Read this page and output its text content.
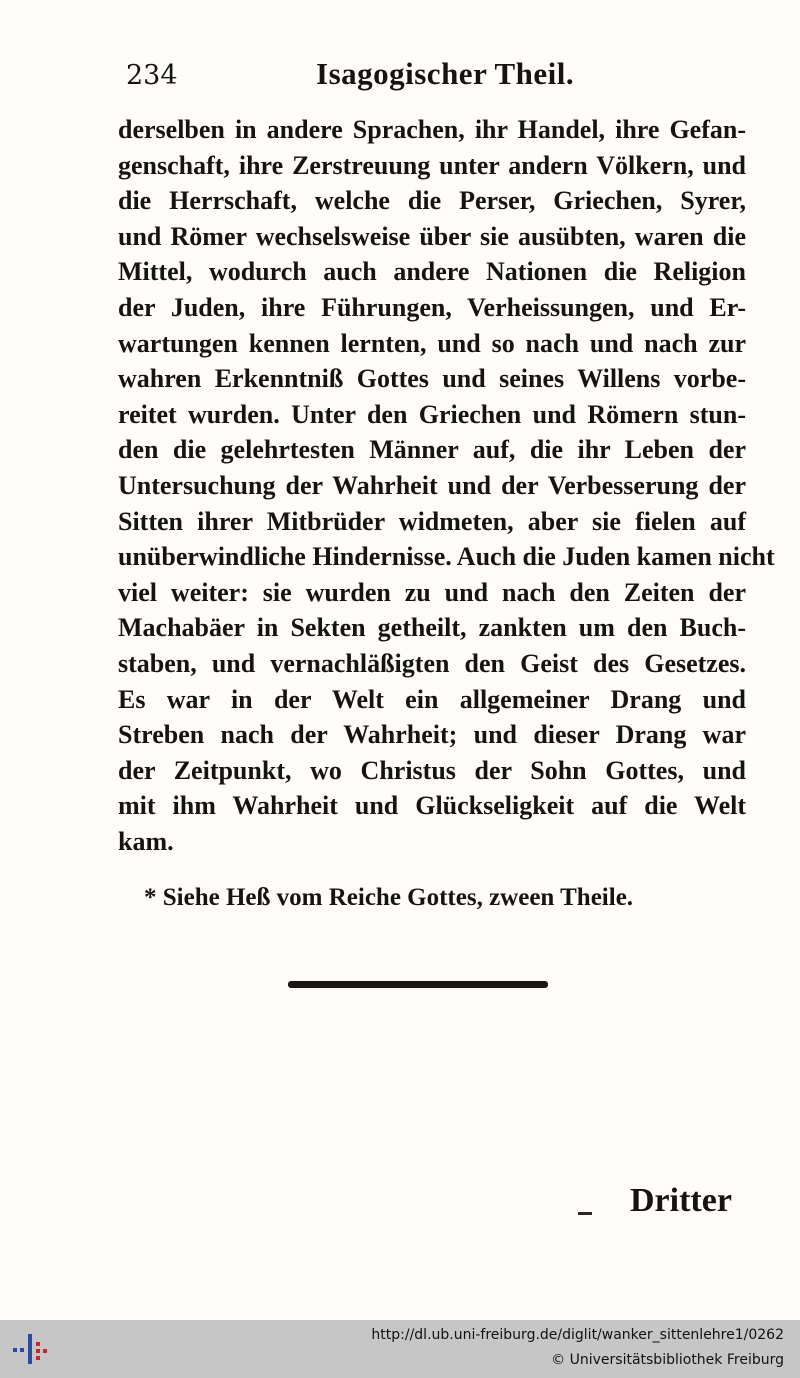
234	Isagogischer Theil.
derselben in andere Sprachen, ihr Handel, ihre Gefan-
genschaft, ihre Zerstreuung unter andern Völkern, und
die Herrschaft, welche die Perser, Griechen, Syrer,
und Römer wechselsweise über sie ausübten, waren die
Mittel, wodurch auch andere Nationen die Religion
der Juden, ihre Führungen, Verheissungen, und Er-
wartungen kennen lernten, und so nach und nach zur
wahren Erkenntniß Gottes und seines Willens vorbe-
reitet wurden. Unter den Griechen und Römern stun-
den die gelehrtesten Männer auf, die ihr Leben der
Untersuchung der Wahrheit und der Verbesserung der
Sitten ihrer Mitbrüder widmeten, aber sie fielen auf
unüberwindliche Hindernisse. Auch die Juden kamen nicht
viel weiter: sie wurden zu und nach den Zeiten der
Machabäer in Sekten getheilt, zankten um den Buch-
staben, und vernachläßigten den Geist des Gesetzes.
Es war in der Welt ein allgemeiner Drang und
Streben nach der Wahrheit; und dieser Drang war
der Zeitpunkt, wo Christus der Sohn Gottes, und
mit ihm Wahrheit und Glückseligkeit auf die Welt
kam.
* Siehe Heß vom Reiche Gottes, zween Theile.
Dritter
http://dl.ub.uni-freiburg.de/diglit/wanker_sittenlehre1/0262
© Universitätsbibliothek Freiburg
